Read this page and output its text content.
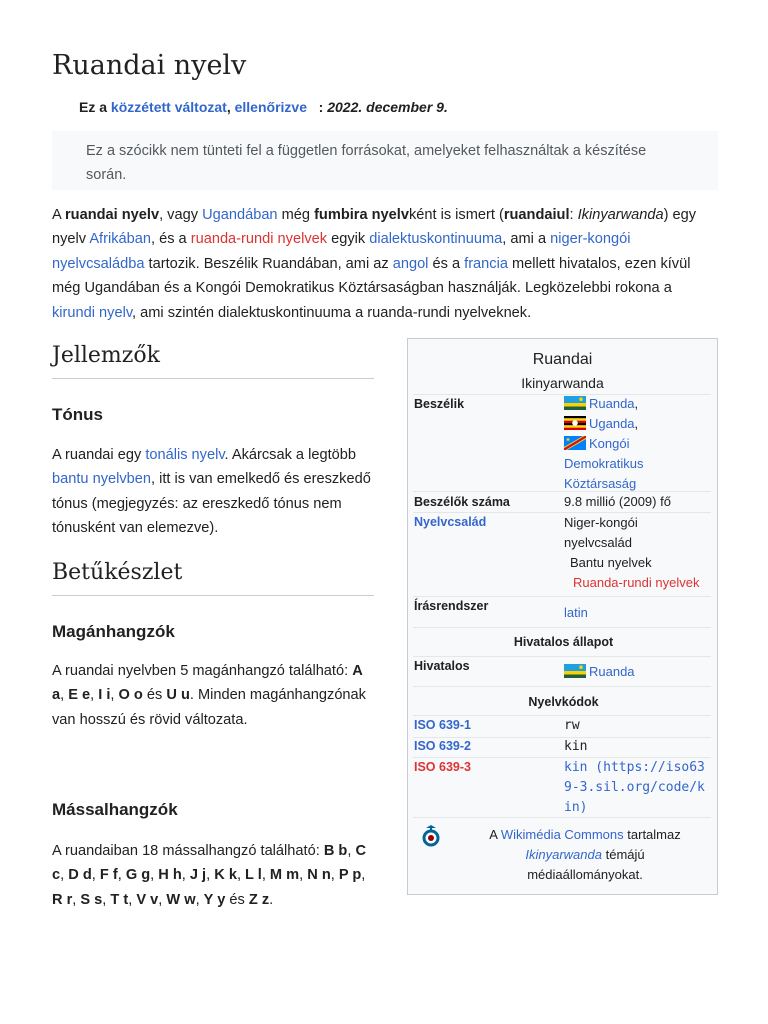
Ruandai nyelv
Ez a közzétett változat, ellenőrizve : 2022. december 9.
Ez a szócikk nem tünteti fel a független forrásokat, amelyeket felhasználtak a készítése során.

A ruandai nyelv, vagy Ugandában még fumbira nyelvként is ismert (ruandaiul: Ikinyarwanda) egy nyelv Afrikában, és a ruanda-rundi nyelvek egyik dialektuskontinuuma, ami a niger-kongói nyelvcsaládba tartozik. Beszélik Ruandában, ami az angol és a francia mellett hivatalos, ezen kívül még Ugandában és a Kongói Demokratikus Köztársaságban használják. Legközelebbi rokona a kirundi nyelv, ami szintén dialektuskontinuuma a ruanda-rundi nyelveknek.

Jellemzők
Tónus

A ruandai egy tonális nyelv. Akárcsak a legtöbb bantu nyelvben, itt is van emelkedő és ereszkedő tónus (megjegyzés: az ereszkedő tónus nem tónusként van elemezve).

Betűkészlet
Magánhangzók

A ruandai nyelvben 5 magánhangzó található: A a, E e, I i, O o és U u. Minden magánhangzónak van hosszú és rövid változata.

Mássalhangzók

A ruandaiban 18 mássalhangzó található: B b, C c, D d, F f, G g, H h, J j, K k, L l, M m, N n, P p, R r, S s, T t, V v, W w, Y y és Z z.

Ruandai
Ikinyarwanda
Beszélik	Ruanda,
Uganda,
Kongói Demokratikus Köztársaság
Beszélők száma	9.8 millió (2009) fő
Nyelvcsalád	Niger-kongói nyelvcsalád
Bantu nyelvek
Ruanda-rundi nyelvek
Írásrendszer	latin
Hivatalos állapot
Hivatalos	Ruanda
Nyelvkódok
ISO 639-1	rw
ISO 639-2	kin
ISO 639-3	kin (https://iso639-3.sil.org/code/kin)
A Wikimédia Commons tartalmaz Ikinyarwanda témájú médiaállományokat.
